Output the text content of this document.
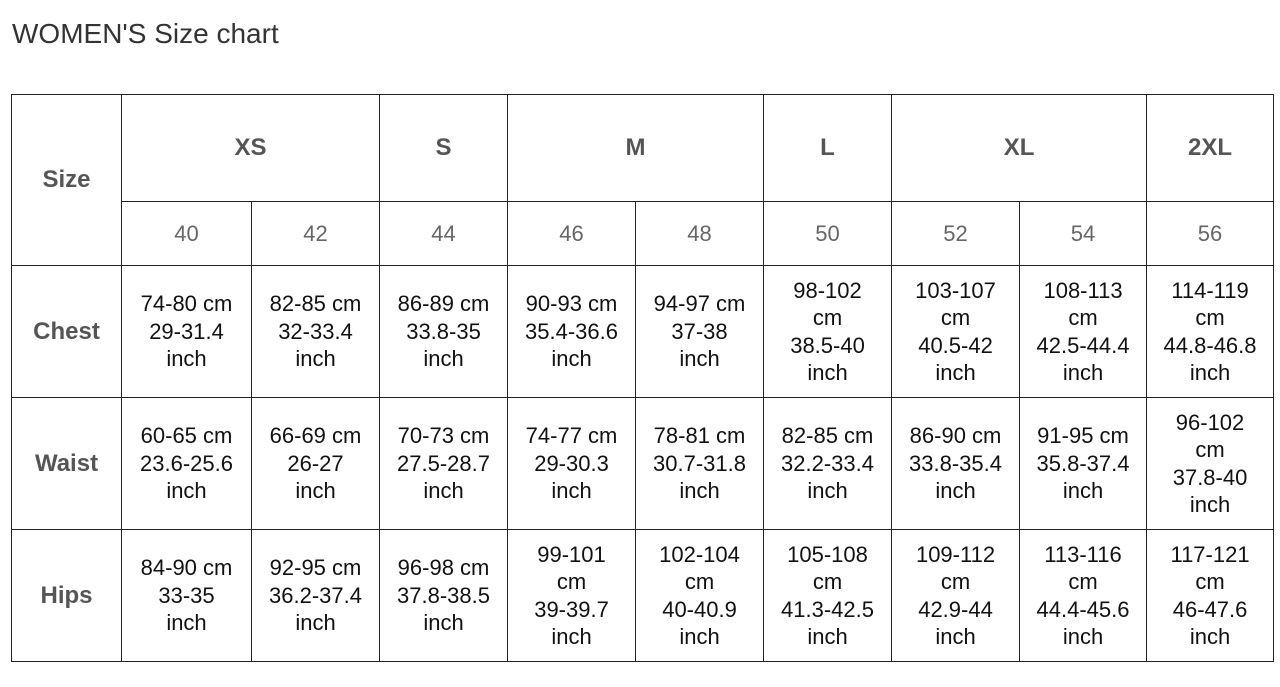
WOMEN'S Size chart
Size	XS		S	M		L	XL		2XL
	40	42	44	46	48	50	52	54	56
Chest	74-80 cm
29-31.4
inch	82-85 cm
32-33.4
inch	86-89 cm
33.8-35
inch	90-93 cm
35.4-36.6
inch	94-97 cm
37-38
inch	98-102
cm
38.5-40
inch	103-107
cm
40.5-42
inch	108-113
cm
42.5-44.4
inch	114-119
cm
44.8-46.8
inch

Waist	60-65 cm
23.6-25.6
inch	66-69 cm
26-27
inch	70-73 cm
27.5-28.7
inch	74-77 cm
29-30.3
inch	78-81 cm
30.7-31.8
inch	82-85 cm
32.2-33.4
inch	86-90 cm
33.8-35.4
inch	91-95 cm
35.8-37.4
inch	96-102
cm
37.8-40
inch

Hips	84-90 cm
33-35
inch	92-95 cm
36.2-37.4
inch	96-98 cm
37.8-38.5
inch	99-101
cm
39-39.7
inch	102-104
cm
40-40.9
inch	105-108
cm
41.3-42.5
inch	109-112
cm
42.9-44
inch	113-116
cm
44.4-45.6
inch	117-121
cm
46-47.6
inch
